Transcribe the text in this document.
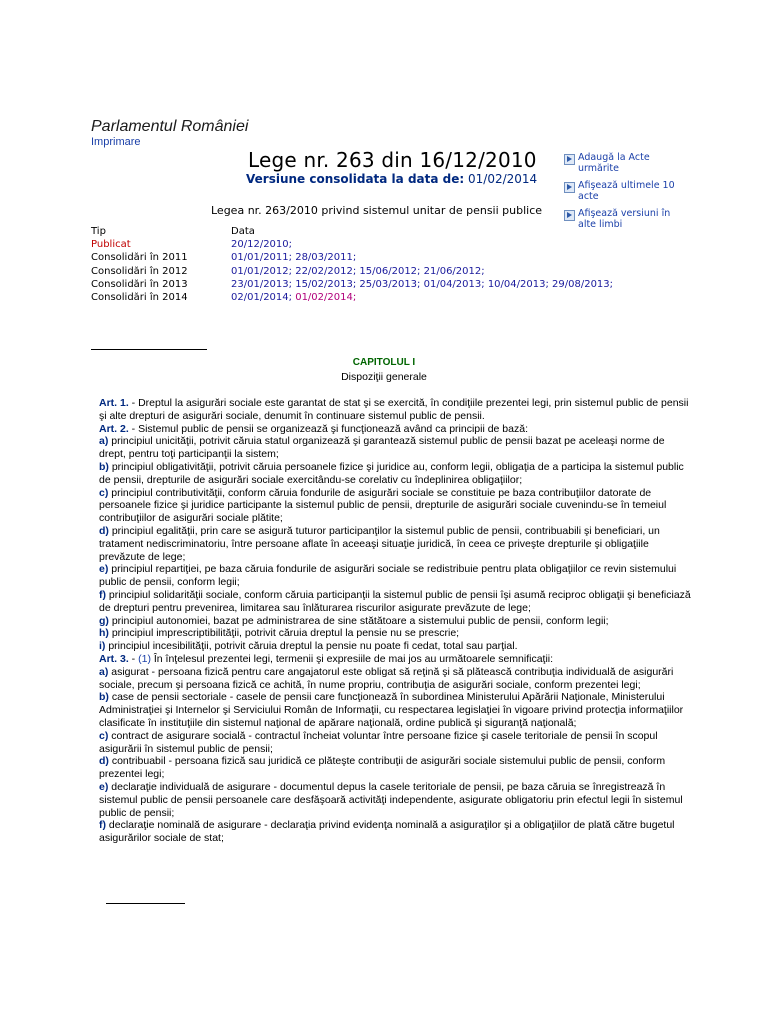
Parlamentul României
Imprimare
Lege nr. 263 din 16/12/2010
Versiune consolidata la data de: 01/02/2014
Legea nr. 263/2010 privind sistemul unitar de pensii publice
Adaugă la Acte urmărite
Afişează ultimele 10 acte
Afişează versiuni în alte limbi
Tip	Data
Publicat	20/12/2010;
Consolidări în 2011	01/01/2011; 28/03/2011;
Consolidări în 2012	01/01/2012; 22/02/2012; 15/06/2012; 21/06/2012;
Consolidări în 2013	23/01/2013; 15/02/2013; 25/03/2013; 01/04/2013; 10/04/2013; 29/08/2013;
Consolidări în 2014	02/01/2014; 01/02/2014;
CAPITOLUL I
Dispoziţii generale

Art. 1. - Dreptul la asigurări sociale este garantat de stat şi se exercită, în condiţiile prezentei legi, prin sistemul public de pensii şi alte drepturi de asigurări sociale, denumit în continuare sistemul public de pensii.

Art. 2. - Sistemul public de pensii se organizează şi funcţionează având ca principii de bază:

a) principiul unicităţii, potrivit căruia statul organizează şi garantează sistemul public de pensii bazat pe aceleaşi norme de drept, pentru toţi participanţii la sistem;

b) principiul obligativităţii, potrivit căruia persoanele fizice şi juridice au, conform legii, obligaţia de a participa la sistemul public de pensii, drepturile de asigurări sociale exercitându-se corelativ cu îndeplinirea obligaţiilor;

c) principiul contributivităţii, conform căruia fondurile de asigurări sociale se constituie pe baza contribuţiilor datorate de persoanele fizice şi juridice participante la sistemul public de pensii, drepturile de asigurări sociale cuvenindu-se în temeiul contribuţiilor de asigurări sociale plătite;

d) principiul egalităţii, prin care se asigură tuturor participanţilor la sistemul public de pensii, contribuabili şi beneficiari, un tratament nediscriminatoriu, între persoane aflate în aceeaşi situaţie juridică, în ceea ce priveşte drepturile şi obligaţiile prevăzute de lege;

e) principiul repartiţiei, pe baza căruia fondurile de asigurări sociale se redistribuie pentru plata obligaţiilor ce revin sistemului public de pensii, conform legii;

f) principiul solidarităţii sociale, conform căruia participanţii la sistemul public de pensii îşi asumă reciproc obligaţii şi beneficiază de drepturi pentru prevenirea, limitarea sau înlăturarea riscurilor asigurate prevăzute de lege;

g) principiul autonomiei, bazat pe administrarea de sine stătătoare a sistemului public de pensii, conform legii;

h) principiul imprescriptibilităţii, potrivit căruia dreptul la pensie nu se prescrie;

i) principiul incesibilităţii, potrivit căruia dreptul la pensie nu poate fi cedat, total sau parţial.

Art. 3. - (1) În înţelesul prezentei legi, termenii şi expresiile de mai jos au următoarele semnificaţii:

a) asigurat - persoana fizică pentru care angajatorul este obligat să reţină şi să plătească contribuţia individuală de asigurări sociale, precum şi persoana fizică ce achită, în nume propriu, contribuţia de asigurări sociale, conform prezentei legi;

b) case de pensii sectoriale - casele de pensii care funcţionează în subordinea Ministerului Apărării Naţionale, Ministerului Administraţiei şi Internelor şi Serviciului Român de Informaţii, cu respectarea legislaţiei în vigoare privind protecţia informaţiilor clasificate în instituţiile din sistemul naţional de apărare naţională, ordine publică şi siguranţă naţională;

c) contract de asigurare socială - contractul încheiat voluntar între persoane fizice şi casele teritoriale de pensii în scopul asigurării în sistemul public de pensii;

d) contribuabil - persoana fizică sau juridică ce plăteşte contribuţii de asigurări sociale sistemului public de pensii, conform prezentei legi;

e) declaraţie individuală de asigurare - documentul depus la casele teritoriale de pensii, pe baza căruia se înregistrează în sistemul public de pensii persoanele care desfăşoară activităţi independente, asigurate obligatoriu prin efectul legii în sistemul public de pensii;

f) declaraţie nominală de asigurare - declaraţia privind evidenţa nominală a asiguraţilor şi a obligaţiilor de plată către bugetul asigurărilor sociale de stat;
